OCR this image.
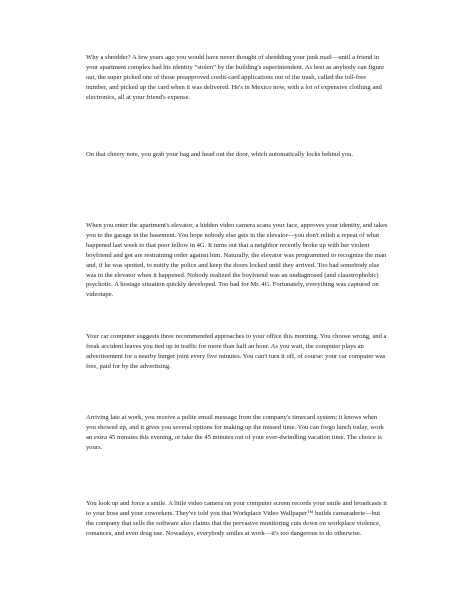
Why a shredder? A few years ago you would have never thought of shredding your junk mail—until a friend in your apartment complex had his identity “stolen” by the building's superintendent. As best as anybody can figure out, the super picked one of those preapproved credit-card applications out of the trash, called the toll-free number, and picked up the card when it was delivered. He's in Mexico now, with a lot of expensive clothing and electronics, all at your friend's expense.

On that cheery note, you grab your bag and head out the door, which automatically locks behind you.

When you enter the apartment's elevator, a hidden video camera scans your face, approves your identity, and takes you to the garage in the basement. You hope nobody else gets in the elevator—you don't relish a repeat of what happened last week to that poor fellow in 4G. It turns out that a neighbor recently broke up with her violent boyfriend and got are restraining order against him. Naturally, the elevator was programmed to recognize the man and, if he was spotted, to notify the police and keep the doors locked until they arrived. Too bad somebody else was in the elevator when it happened. Nobody realized the boyfriend was an undiagnosed (and claustrophobic) psychotic. A hostage situation quickly developed. Too bad for Mr. 4G. Fortunately, everything was captured on videotape.

Your car computer suggests three recommended approaches to your office this morning. You choose wrong, and a freak accident leaves you tied up in traffic for more than half an hour. As you wait, the computer plays an advertisement for a nearby burger joint every five minutes. You can't turn it off, of course: your car computer was free, paid for by the advertising.

Arriving late at work, you receive a polite email message from the company's timecard system; it knows when you showed up, and it gives you several options for making up the missed time. You can forgo lunch today, work an extra 45 minutes this evening, or take the 45 minutes out of your ever-dwindling vacation time. The choice is yours.

You look up and force a smile. A little video camera on your computer screen records your smile and broadcasts it to your boss and your coworkers. They've told you that Workplace Video Wallpaper™ builds camaraderie—but the company that sells the software also claims that the pervasive monitoring cuts down on workplace violence, romances, and even drug use. Nowadays, everybody smiles at work—it's too dangerous to do otherwise.
